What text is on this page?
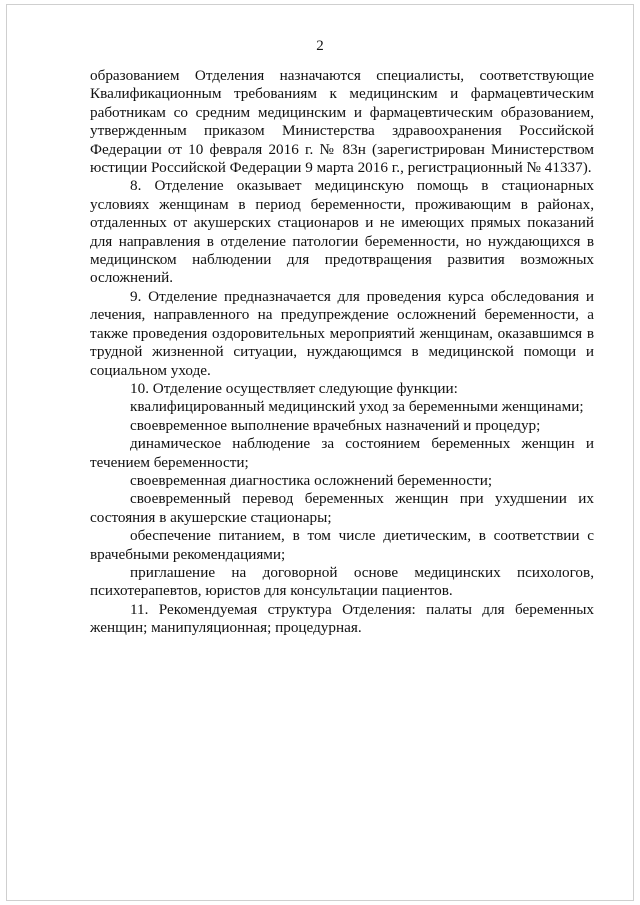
2

образованием Отделения назначаются специалисты, соответствующие Квалификационным требованиям к медицинским и фармацевтическим работникам со средним медицинским и фармацевтическим образованием, утвержденным приказом Министерства здравоохранения Российской Федерации от 10 февраля 2016 г. № 83н (зарегистрирован Министерством юстиции Российской Федерации 9 марта 2016 г., регистрационный № 41337).

8. Отделение оказывает медицинскую помощь в стационарных условиях женщинам в период беременности, проживающим в районах, отдаленных от акушерских стационаров и не имеющих прямых показаний для направления в отделение патологии беременности, но нуждающихся в медицинском наблюдении для предотвращения развития возможных осложнений.

9. Отделение предназначается для проведения курса обследования и лечения, направленного на предупреждение осложнений беременности, а также проведения оздоровительных мероприятий женщинам, оказавшимся в трудной жизненной ситуации, нуждающимся в медицинской помощи и социальном уходе.

10. Отделение осуществляет следующие функции:

квалифицированный медицинский уход за беременными женщинами;

своевременное выполнение врачебных назначений и процедур;

динамическое наблюдение за состоянием беременных женщин и течением беременности;

своевременная диагностика осложнений беременности;

своевременный перевод беременных женщин при ухудшении их состояния в акушерские стационары;

обеспечение питанием, в том числе диетическим, в соответствии с врачебными рекомендациями;

приглашение на договорной основе медицинских психологов, психотерапевтов, юристов для консультации пациентов.

11. Рекомендуемая структура Отделения: палаты для беременных женщин; манипуляционная; процедурная.
